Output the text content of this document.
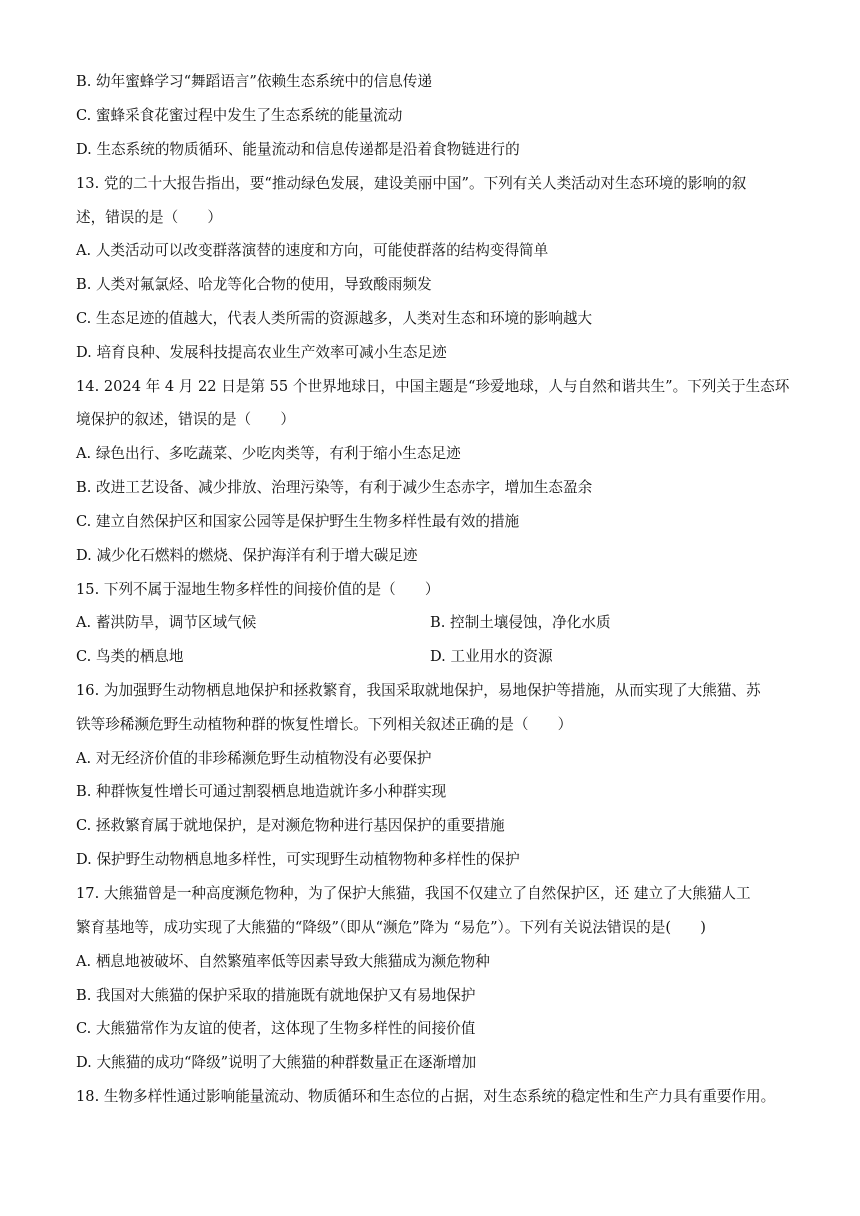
B. 幼年蜜蜂学习“舞蹈语言”依赖生态系统中的信息传递
C. 蜜蜂采食花蜜过程中发生了生态系统的能量流动
D. 生态系统的物质循环、能量流动和信息传递都是沿着食物链进行的
13. 党的二十大报告指出，要“推动绿色发展，建设美丽中国”。下列有关人类活动对生态环境的影响的叙
述，错误的是（　　）
A. 人类活动可以改变群落演替的速度和方向，可能使群落的结构变得简单
B. 人类对氟氯烃、哈龙等化合物的使用，导致酸雨频发
C. 生态足迹的值越大，代表人类所需的资源越多，人类对生态和环境的影响越大
D. 培育良种、发展科技提高农业生产效率可减小生态足迹
14. 2024 年 4 月 22 日是第 55 个世界地球日，中国主题是“珍爱地球，人与自然和谐共生”。下列关于生态环
境保护的叙述，错误的是（　　）
A. 绿色出行、多吃蔬菜、少吃肉类等，有利于缩小生态足迹
B. 改进工艺设备、减少排放、治理污染等，有利于减少生态赤字，增加生态盈余
C. 建立自然保护区和国家公园等是保护野生生物多样性最有效的措施
D. 减少化石燃料的燃烧、保护海洋有利于增大碳足迹
15. 下列不属于湿地生物多样性的间接价值的是（　　）
A. 蓄洪防旱，调节区域气候	B. 控制土壤侵蚀，净化水质
C. 鸟类的栖息地	D. 工业用水的资源
16. 为加强野生动物栖息地保护和拯救繁育，我国采取就地保护，易地保护等措施，从而实现了大熊猫、苏
铁等珍稀濒危野生动植物种群的恢复性增长。下列相关叙述正确的是（　　）
A. 对无经济价值的非珍稀濒危野生动植物没有必要保护
B. 种群恢复性增长可通过割裂栖息地造就许多小种群实现
C. 拯救繁育属于就地保护，是对濒危物种进行基因保护的重要措施
D. 保护野生动物栖息地多样性，可实现野生动植物物种多样性的保护
17. 大熊猫曾是一种高度濒危物种，为了保护大熊猫，我国不仅建立了自然保护区，还 建立了大熊猫人工
繁育基地等，成功实现了大熊猫的“降级”（即从“濒危”降为 “易危”）。下列有关说法错误的是(　　)
A. 栖息地被破坏、自然繁殖率低等因素导致大熊猫成为濒危物种
B. 我国对大熊猫的保护采取的措施既有就地保护又有易地保护
C. 大熊猫常作为友谊的使者，这体现了生物多样性的间接价值
D. 大熊猫的成功“降级”说明了大熊猫的种群数量正在逐渐增加
18. 生物多样性通过影响能量流动、物质循环和生态位的占据，对生态系统的稳定性和生产力具有重要作用。
